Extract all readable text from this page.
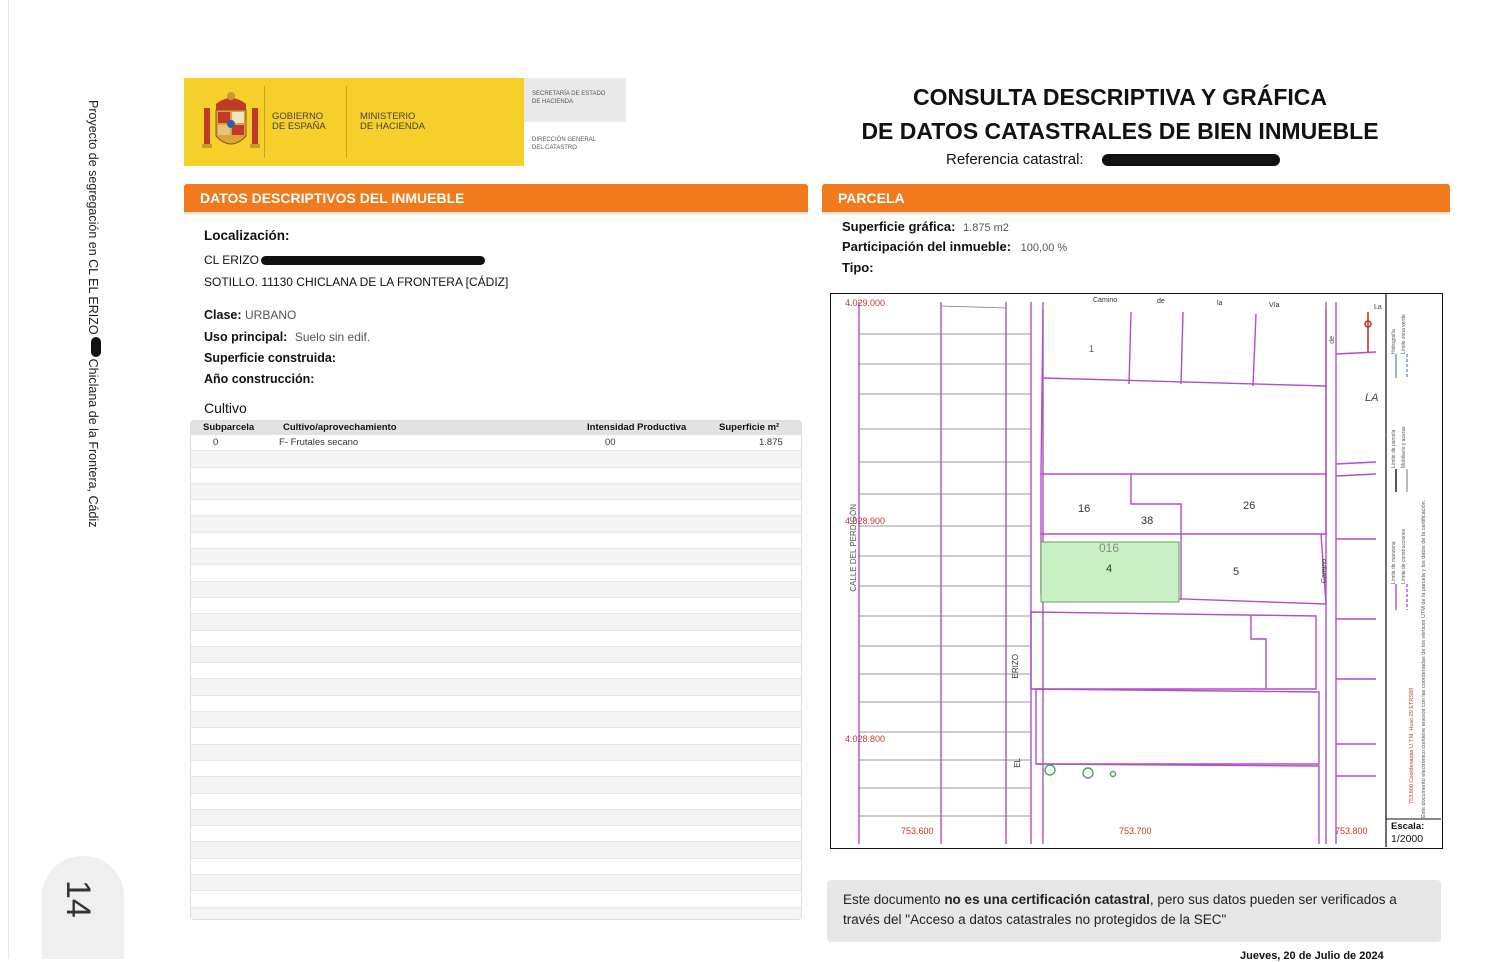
Proyecto de segregación en CL EL ERIZOChiclana de la Frontera, Cádiz
14
GOBIERNO
DE ESPAÑA
MINISTERIO
DE HACIENDA
SECRETARÍA DE ESTADO
DE HACIENDA
DIRECCIÓN GENERAL
DEL CATASTRO
CONSULTA DESCRIPTIVA Y GRÁFICA
DE DATOS CATASTRALES DE BIEN INMUEBLE
Referencia catastral:
DATOS DESCRIPTIVOS DEL INMUEBLE
Localización:
CL ERIZO
SOTILLO. 11130 CHICLANA DE LA FRONTERA [CÁDIZ]
Clase: URBANO
Uso principal: Suelo sin edif.
Superficie construida:
Año construcción:
Cultivo
Subparcela	Cultivo/aprovechamiento	Intensidad Productiva	Superficie m²
0	F- Frutales secano	00	1.875
PARCELA
Superficie gráfica: 1.875 m2
Participación del inmueble: 100,00 %
Tipo:
4.029.000
4.028.900
4.028.800
753.600	753.700	753.800
Camino	de	la	Vía
CALLE DEL PERDIGÓN
ERIZO
EL
Camino
LA
La
de
16
38
26
016
4	5
1
Este documento electrónico contiene anexos con las coordenadas de los vértices UTM de la parcela y los datos de la certificación.
753.800 Coordenadas U.T.M. Huso 29 ETRS89
Límite de manzana
Límite de parcela
Hidrografía
Límite de construcciones
Mobiliario y aceras
Límite zona verde
Escala:
1/2000
Este documento no es una certificación catastral, pero sus datos pueden ser verificados a
través del "Acceso a datos catastrales no protegidos de la SEC"
Jueves, 20 de Julio de 2024
